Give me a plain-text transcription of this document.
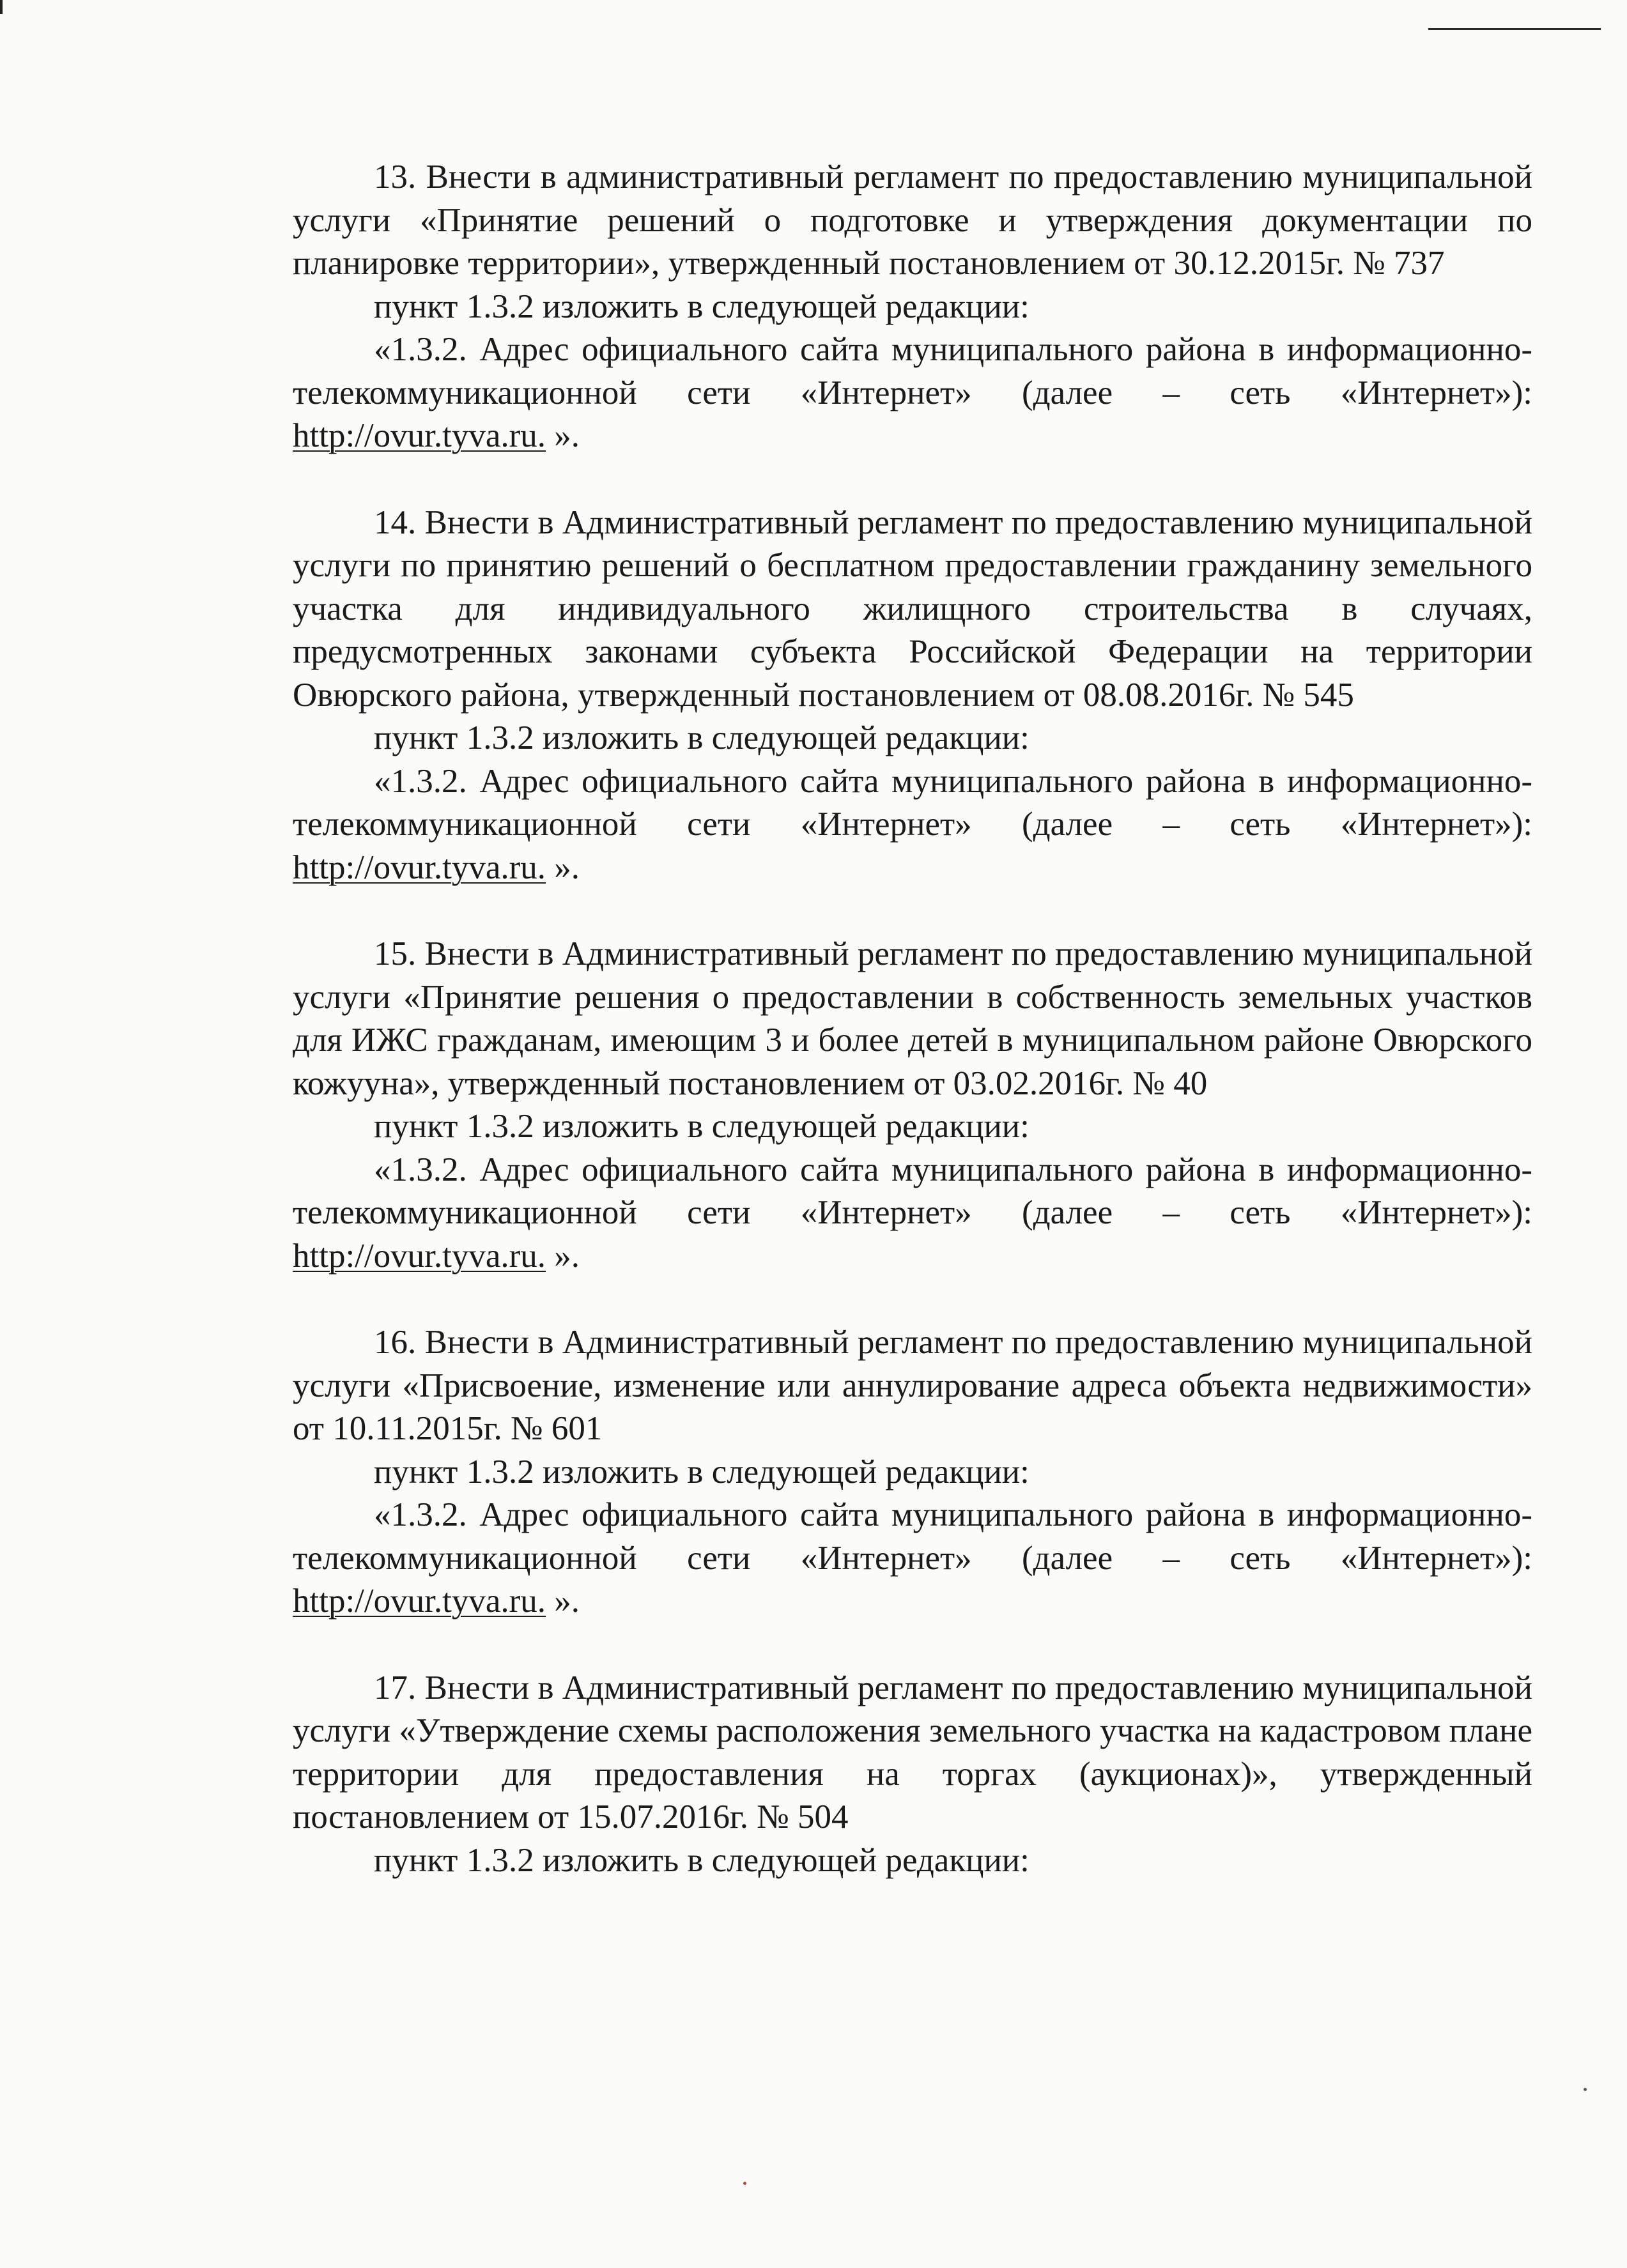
13. Внести в административный регламент по предоставлению муниципальной услуги «Принятие решений о подготовке и утверждения документации по планировке территории», утвержденный постановлением от 30.12.2015г. № 737

пункт 1.3.2 изложить в следующей редакции:

«1.3.2. Адрес официального сайта муниципального района в информационно-телекоммуникационной сети «Интернет» (далее – сеть «Интернет»): http://ovur.tyva.ru. ».

14. Внести в Административный регламент по предоставлению муниципальной услуги по принятию решений о бесплатном предоставлении гражданину земельного участка для индивидуального жилищного строительства в случаях, предусмотренных законами субъекта Российской Федерации на территории Овюрского района, утвержденный постановлением от 08.08.2016г. № 545

пункт 1.3.2 изложить в следующей редакции:

«1.3.2. Адрес официального сайта муниципального района в информационно-телекоммуникационной сети «Интернет» (далее – сеть «Интернет»): http://ovur.tyva.ru. ».

15. Внести в Административный регламент по предоставлению муниципальной услуги «Принятие решения о предоставлении в собственность земельных участков для ИЖС гражданам, имеющим 3 и более детей в муниципальном районе Овюрского кожууна», утвержденный постановлением от 03.02.2016г. № 40

пункт 1.3.2 изложить в следующей редакции:

«1.3.2. Адрес официального сайта муниципального района в информационно-телекоммуникационной сети «Интернет» (далее – сеть «Интернет»): http://ovur.tyva.ru. ».

16. Внести в Административный регламент по предоставлению муниципальной услуги «Присвоение, изменение или аннулирование адреса объекта недвижимости» от 10.11.2015г. № 601

пункт 1.3.2 изложить в следующей редакции:

«1.3.2. Адрес официального сайта муниципального района в информационно-телекоммуникационной сети «Интернет» (далее – сеть «Интернет»): http://ovur.tyva.ru. ».

17. Внести в Административный регламент по предоставлению муниципальной услуги «Утверждение схемы расположения земельного участка на кадастровом плане территории для предоставления на торгах (аукционах)», утвержденный постановлением от 15.07.2016г. № 504

пункт 1.3.2 изложить в следующей редакции:
